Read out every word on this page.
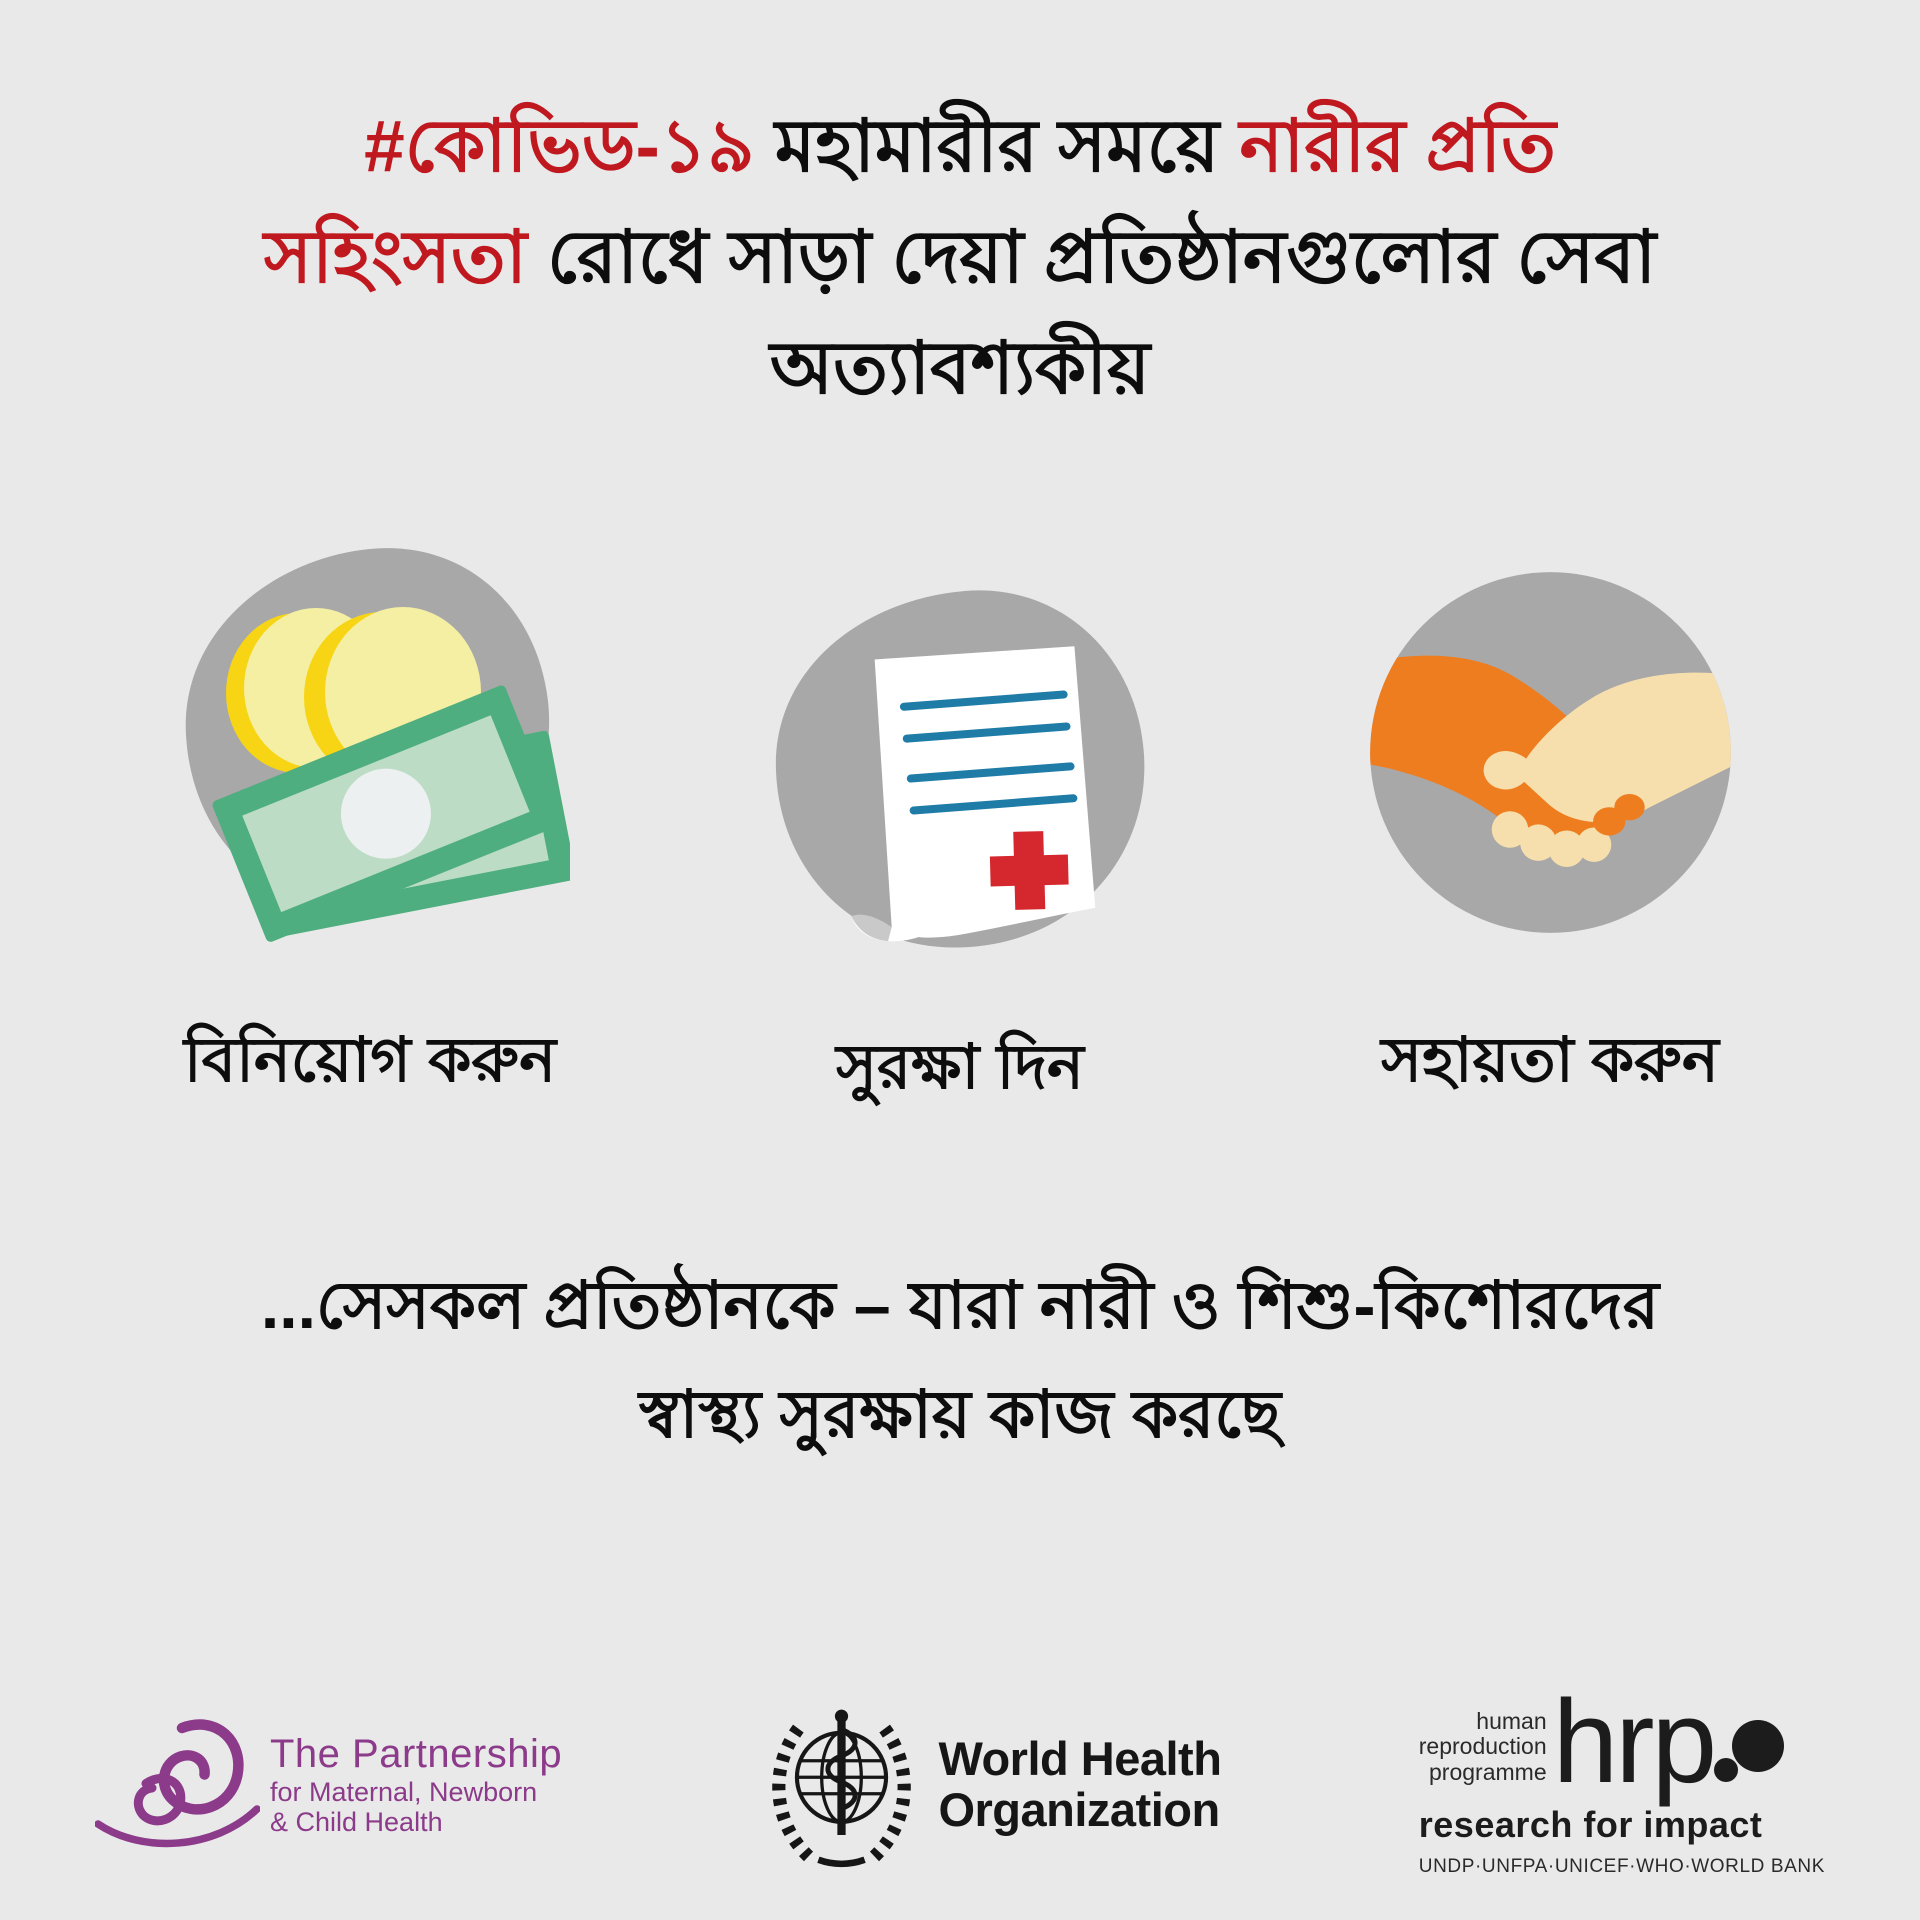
#কোভিড-১৯ মহামারীর সময়ে নারীর প্রতি
সহিংসতা রোধে সাড়া দেয়া প্রতিষ্ঠানগুলোর সেবা
অত্যাবশ্যকীয়
বিনিয়োগ করুন	সুরক্ষা দিন	সহায়তা করুন
...সেসকল প্রতিষ্ঠানকে – যারা নারী ও শিশু-কিশোরদের
স্বাস্থ্য সুরক্ষায় কাজ করছে
The Partnership
for Maternal, Newborn
& Child Health
World Health
Organization
human
reproduction
programme hrp
research for impact
UNDP·UNFPA·UNICEF·WHO·WORLD BANK
